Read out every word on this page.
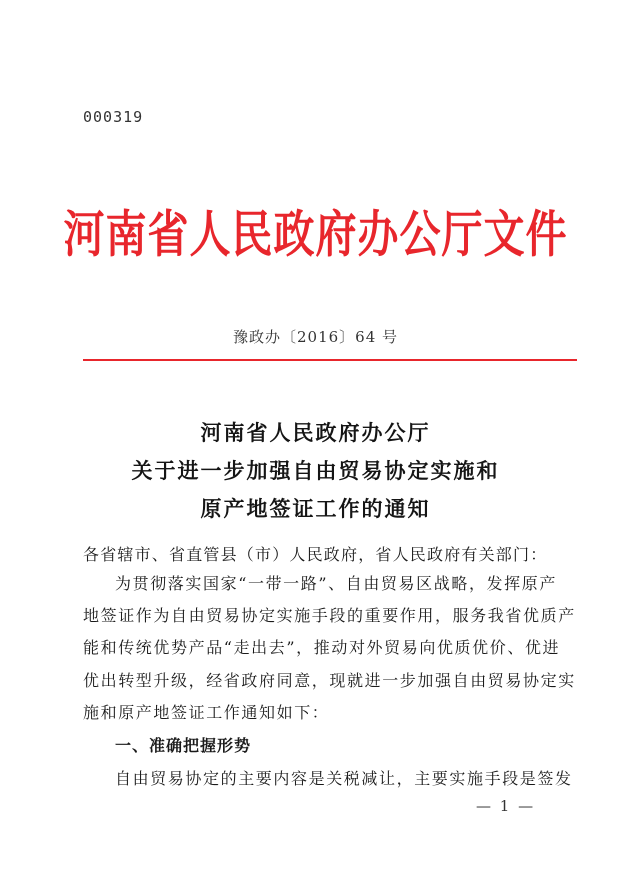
000319
河南省人民政府办公厅文件
豫政办〔2016〕64 号
河南省人民政府办公厅
关于进一步加强自由贸易协定实施和
原产地签证工作的通知
各省辖市、省直管县（市）人民政府，省人民政府有关部门：
为贯彻落实国家“一带一路”、自由贸易区战略，发挥原产
地签证作为自由贸易协定实施手段的重要作用，服务我省优质产
能和传统优势产品“走出去”，推动对外贸易向优质优价、优进
优出转型升级，经省政府同意，现就进一步加强自由贸易协定实
施和原产地签证工作通知如下：
一、准确把握形势
自由贸易协定的主要内容是关税减让，主要实施手段是签发
— 1 —
